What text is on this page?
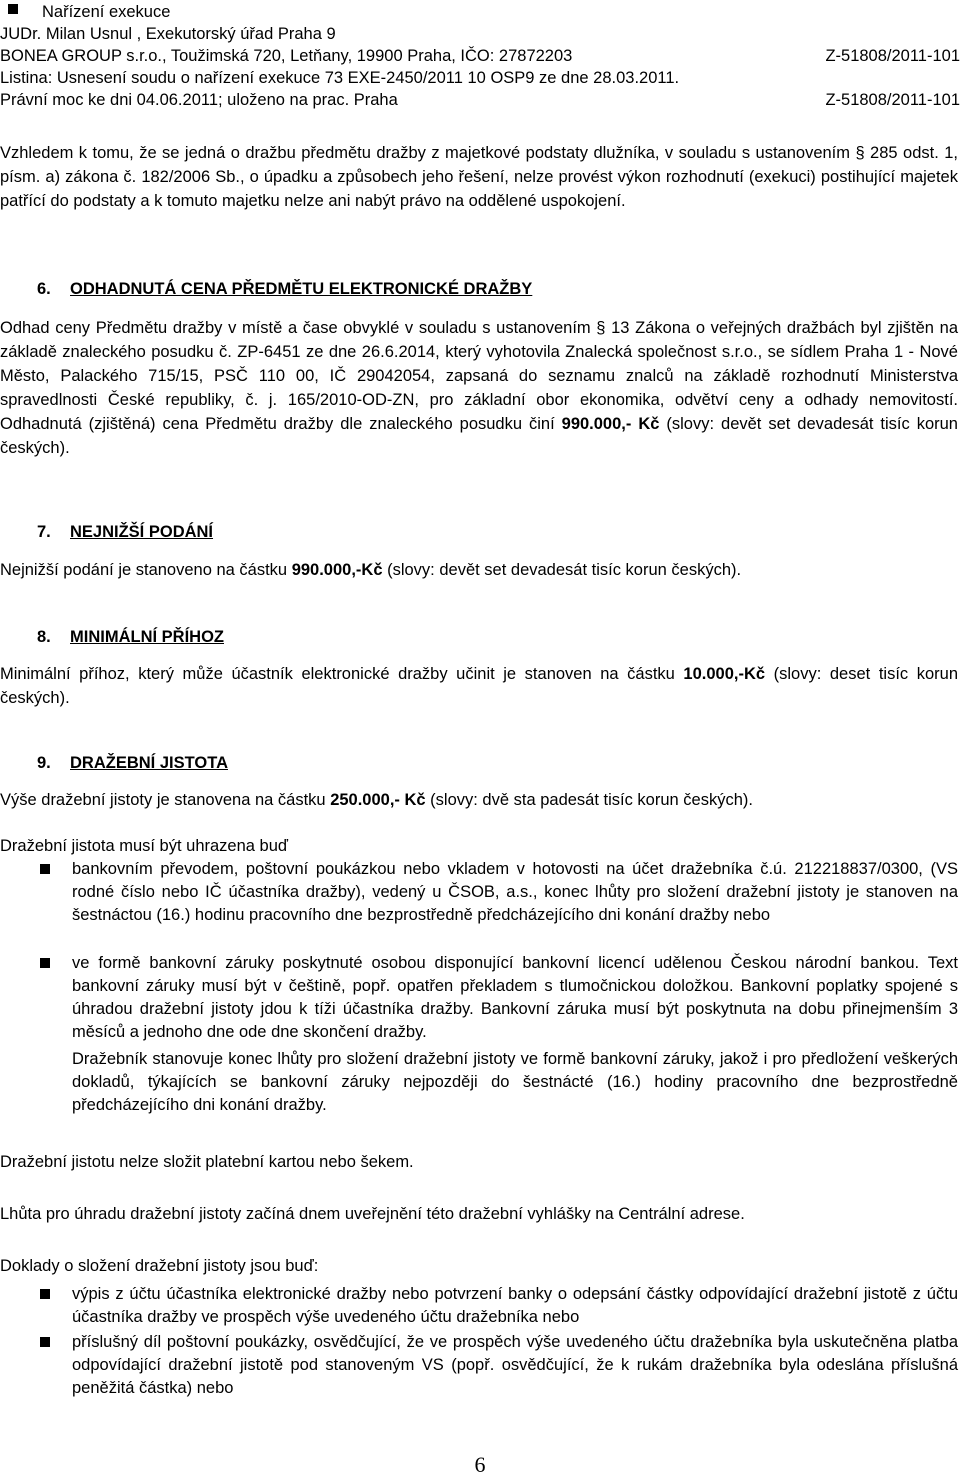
Nařízení exekuce
JUDr. Milan Usnul , Exekutorský úřad Praha 9
BONEA GROUP s.r.o., Toužimská 720, Letňany, 19900 Praha, IČO: 27872203	Z-51808/2011-101
Listina: Usnesení soudu o nařízení exekuce 73 EXE-2450/2011 10 OSP9 ze dne 28.03.2011.
Právní moc ke dni 04.06.2011; uloženo na prac. Praha	Z-51808/2011-101
Vzhledem k tomu, že se jedná o dražbu předmětu dražby z majetkové podstaty dlužníka, v souladu s ustanovením § 285 odst. 1, písm. a) zákona č. 182/2006 Sb., o úpadku a způsobech jeho řešení, nelze provést výkon rozhodnutí (exekuci) postihující majetek patřící do podstaty a k tomuto majetku nelze ani nabýt právo na oddělené uspokojení.
6. ODHADNUTÁ CENA PŘEDMĚTU ELEKTRONICKÉ DRAŽBY
Odhad ceny Předmětu dražby v místě a čase obvyklé v souladu s ustanovením § 13 Zákona o veřejných dražbách byl zjištěn na základě znaleckého posudku č. ZP-6451 ze dne 26.6.2014, který vyhotovila Znalecká společnost s.r.o., se sídlem Praha 1 - Nové Město, Palackého 715/15, PSČ 110 00, IČ 29042054, zapsaná do seznamu znalců na základě rozhodnutí Ministerstva spravedlnosti České republiky, č. j. 165/2010-OD-ZN, pro základní obor ekonomika, odvětví ceny a odhady nemovitostí. Odhadnutá (zjištěná) cena Předmětu dražby dle znaleckého posudku činí 990.000,- Kč (slovy: devět set devadesát tisíc korun českých).
7. NEJNIŽŠÍ PODÁNÍ
Nejnižší podání je stanoveno na částku 990.000,-Kč (slovy: devět set devadesát tisíc korun českých).
8. MINIMÁLNÍ PŘÍHOZ
Minimální příhoz, který může účastník elektronické dražby učinit je stanoven na částku 10.000,-Kč (slovy: deset tisíc korun českých).
9. DRAŽEBNÍ JISTOTA
Výše dražební jistoty je stanovena na částku 250.000,- Kč (slovy: dvě sta padesát tisíc korun českých).
Dražební jistota musí být uhrazena buď
bankovním převodem, poštovní poukázkou nebo vkladem v hotovosti na účet dražebníka č.ú. 212218837/0300, (VS rodné číslo nebo IČ účastníka dražby), vedený u ČSOB, a.s., konec lhůty pro složení dražební jistoty je stanoven na šestnáctou (16.) hodinu pracovního dne bezprostředně předcházejícího dni konání dražby nebo
ve formě bankovní záruky poskytnuté osobou disponující bankovní licencí udělenou Českou národní bankou. Text bankovní záruky musí být v češtině, popř. opatřen překladem s tlumočnickou doložkou. Bankovní poplatky spojené s úhradou dražební jistoty jdou k tíži účastníka dražby. Bankovní záruka musí být poskytnuta na dobu přinejmenším 3 měsíců a jednoho dne ode dne skončení dražby.
Dražebník stanovuje konec lhůty pro složení dražební jistoty ve formě bankovní záruky, jakož i pro předložení veškerých dokladů, týkajících se bankovní záruky nejpozději do šestnácté (16.) hodiny pracovního dne bezprostředně předcházejícího dni konání dražby.
Dražební jistotu nelze složit platební kartou nebo šekem.
Lhůta pro úhradu dražební jistoty začíná dnem uveřejnění této dražební vyhlášky na Centrální adrese.
Doklady o složení dražební jistoty jsou buď:
výpis z účtu účastníka elektronické dražby nebo potvrzení banky o odepsání částky odpovídající dražební jistotě z účtu účastníka dražby ve prospěch výše uvedeného účtu dražebníka nebo
příslušný díl poštovní poukázky, osvědčující, že ve prospěch výše uvedeného účtu dražebníka byla uskutečněna platba odpovídající dražební jistotě pod stanoveným VS (popř. osvědčující, že k rukám dražebníka byla odeslána příslušná peněžitá částka) nebo
6
